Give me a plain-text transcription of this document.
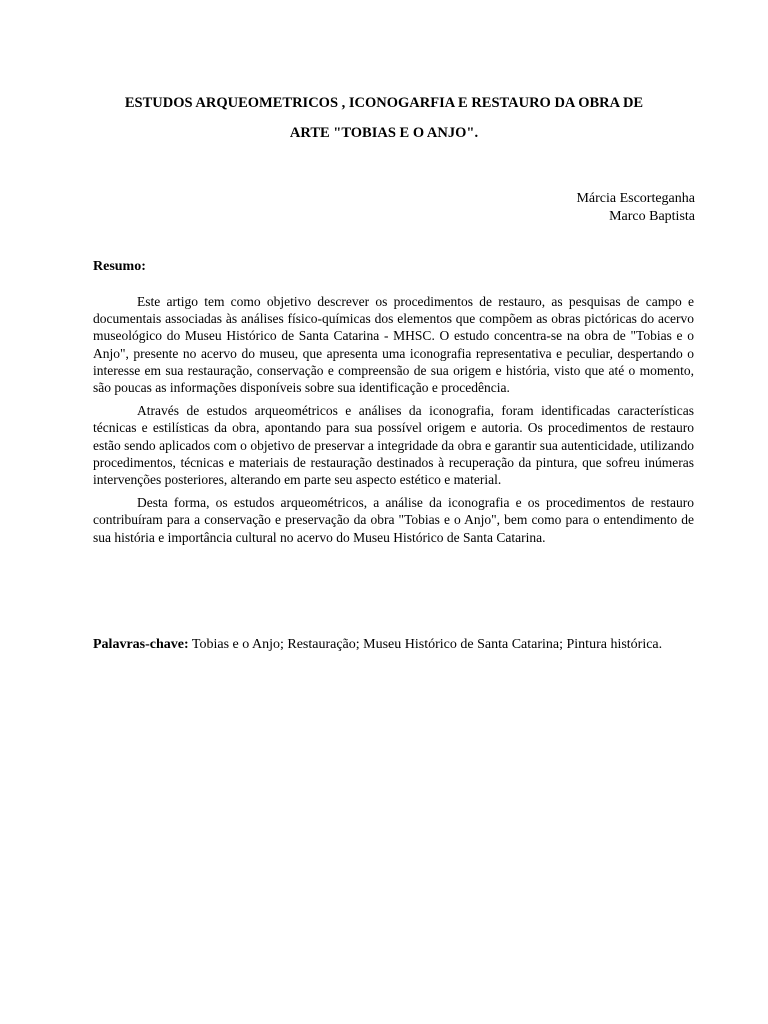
ESTUDOS ARQUEOMETRICOS , ICONOGARFIA E RESTAURO DA OBRA DE
ARTE "TOBIAS E O ANJO".
Márcia Escorteganha
Marco Baptista
Resumo:

Este artigo tem como objetivo descrever os procedimentos de restauro, as pesquisas de campo e documentais associadas às análises físico-químicas dos elementos que compõem as obras pictóricas do acervo museológico do Museu Histórico de Santa Catarina - MHSC. O estudo concentra-se na obra de "Tobias e o Anjo", presente no acervo do museu, que apresenta uma iconografia representativa e peculiar, despertando o interesse em sua restauração, conservação e compreensão de sua origem e história, visto que até o momento, são poucas as informações disponíveis sobre sua identificação e procedência.

Através de estudos arqueométricos e análises da iconografia, foram identificadas características técnicas e estilísticas da obra, apontando para sua possível origem e autoria. Os procedimentos de restauro estão sendo aplicados com o objetivo de preservar a integridade da obra e garantir sua autenticidade, utilizando procedimentos, técnicas e materiais de restauração destinados à recuperação da pintura, que sofreu inúmeras intervenções posteriores, alterando em parte seu aspecto estético e material.

Desta forma, os estudos arqueométricos, a análise da iconografia e os procedimentos de restauro contribuíram para a conservação e preservação da obra "Tobias e o Anjo", bem como para o entendimento de sua história e importância cultural no acervo do Museu Histórico de Santa Catarina.

Palavras-chave: Tobias e o Anjo; Restauração; Museu Histórico de Santa Catarina; Pintura histórica.
